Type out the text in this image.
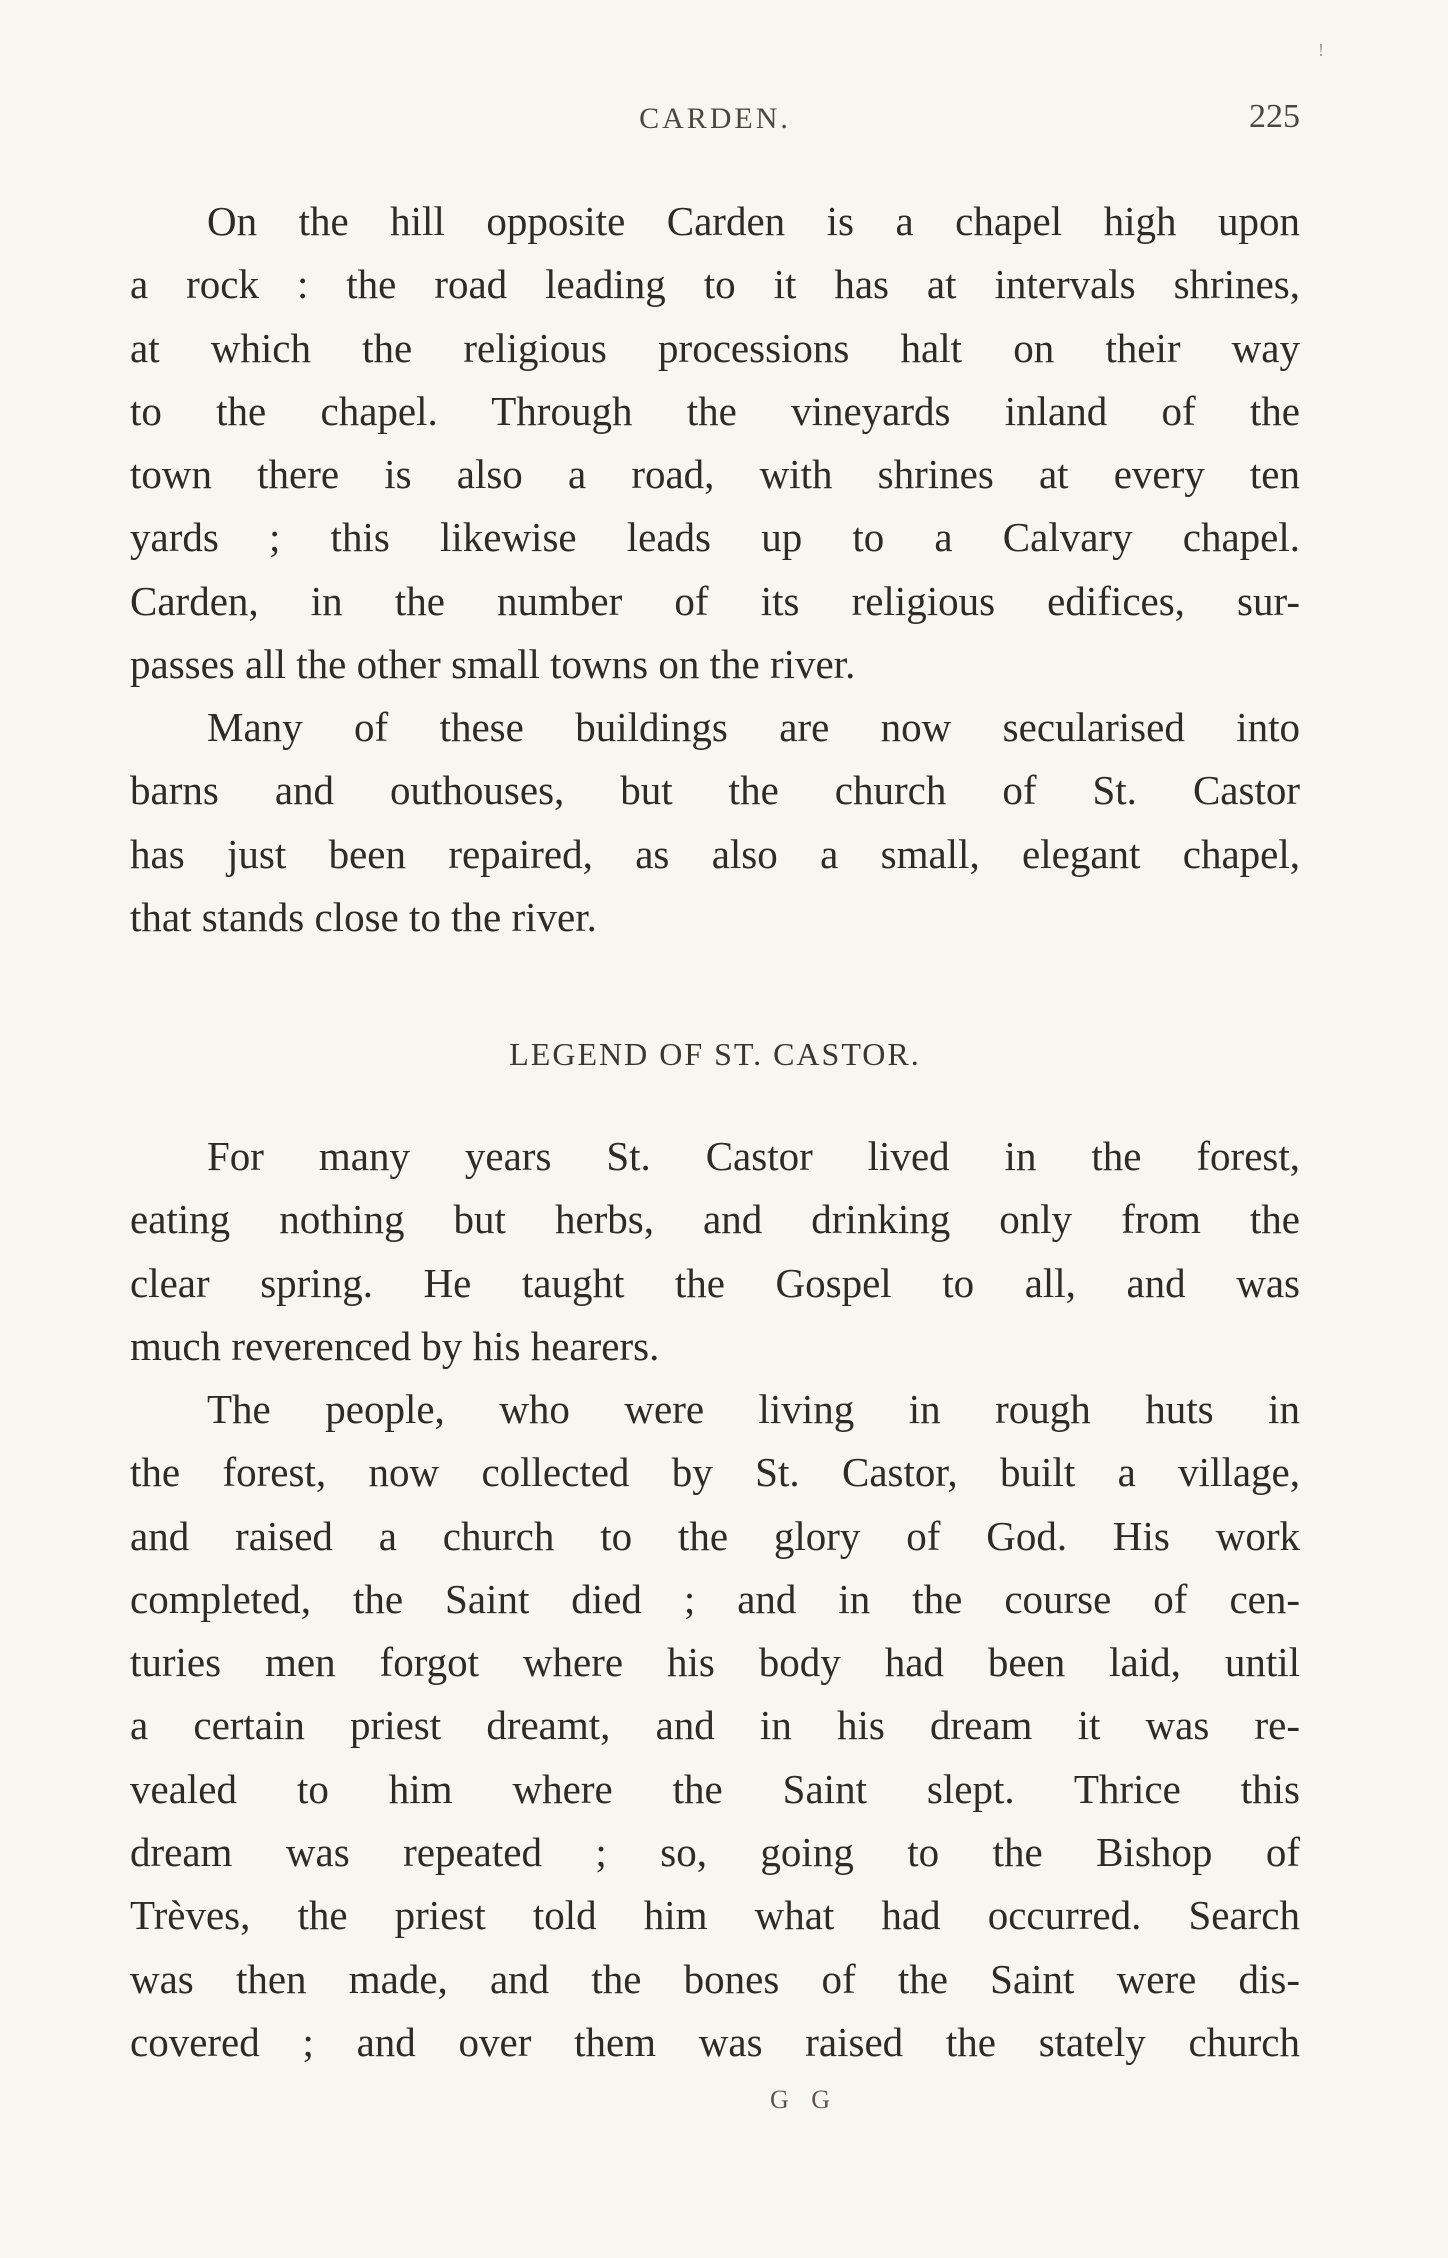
!
CARDEN.	225
On the hill opposite Carden is a chapel high upon
a rock : the road leading to it has at intervals shrines,
at which the religious processions halt on their way
to the chapel. Through the vineyards inland of the
town there is also a road, with shrines at every ten
yards ; this likewise leads up to a Calvary chapel.
Carden, in the number of its religious edifices, sur-
passes all the other small towns on the river.
Many of these buildings are now secularised into
barns and outhouses, but the church of St. Castor
has just been repaired, as also a small, elegant chapel,
that stands close to the river.
LEGEND OF ST. CASTOR.
For many years St. Castor lived in the forest,
eating nothing but herbs, and drinking only from the
clear spring. He taught the Gospel to all, and was
much reverenced by his hearers.
The people, who were living in rough huts in
the forest, now collected by St. Castor, built a village,
and raised a church to the glory of God. His work
completed, the Saint died ; and in the course of cen-
turies men forgot where his body had been laid, until
a certain priest dreamt, and in his dream it was re-
vealed to him where the Saint slept. Thrice this
dream was repeated ; so, going to the Bishop of
Trèves, the priest told him what had occurred. Search
was then made, and the bones of the Saint were dis-
covered ; and over them was raised the stately church
G G
